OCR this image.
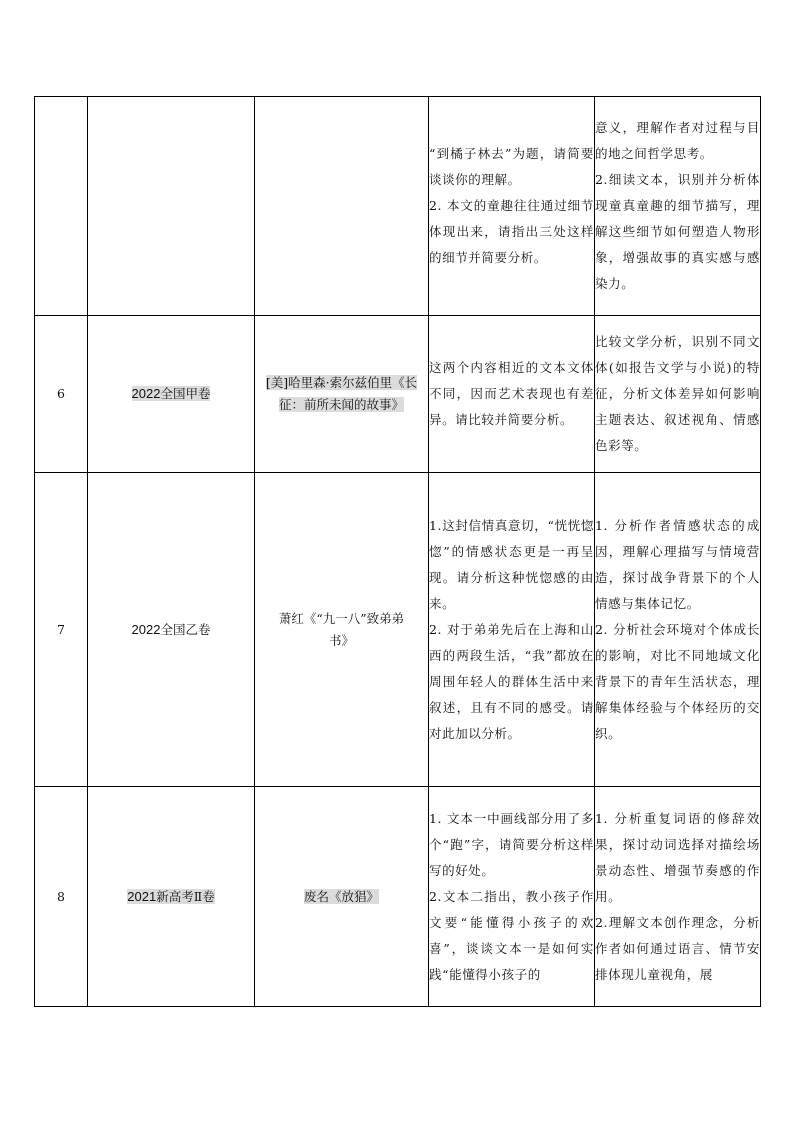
			“到橘子林去”为题，请简要谈谈你的理解。
2. 本文的童趣往往通过细节体现出来，请指出三处这样的细节并简要分析。	意义，理解作者对过程与目的地之间哲学思考。
2.细读文本，识别并分析体现童真童趣的细节描写，理解这些细节如何塑造人物形象，增强故事的真实感与感染力。

6	2022全国甲卷	[美]哈里森·索尔兹伯里《长征：前所未闻的故事》	这两个内容相近的文本文体不同，因而艺术表现也有差异。请比较并简要分析。	比较文学分析，识别不同文体(如报告文学与小说)的特征，分析文体差异如何影响主题表达、叙述视角、情感色彩等。

7	2022全国乙卷	萧红《“九一八”致弟弟书》	1.这封信情真意切，“恍恍惚惚”的情感状态更是一再呈现。请分析这种恍惚感的由来。
2. 对于弟弟先后在上海和山西的两段生活，“我”都放在周围年轻人的群体生活中来叙述，且有不同的感受。请对此加以分析。	1. 分析作者情感状态的成因，理解心理描写与情境营造，探讨战争背景下的个人情感与集体记忆。
2. 分析社会环境对个体成长的影响，对比不同地域文化背景下的青年生活状态，理解集体经验与个体经历的交织。

8	2021新高考Ⅱ卷	废名《放猖》	1. 文本一中画线部分用了多个“跑”字，请简要分析这样写的好处。
2.文本二指出，教小孩子作文要“能懂得小孩子的欢喜”，谈谈文本一是如何实践“能懂得小孩子的	1. 分析重复词语的修辞效果，探讨动词选择对描绘场景动态性、增强节奏感的作用。
2.理解文本创作理念，分析作者如何通过语言、情节安排体现儿童视角，展
